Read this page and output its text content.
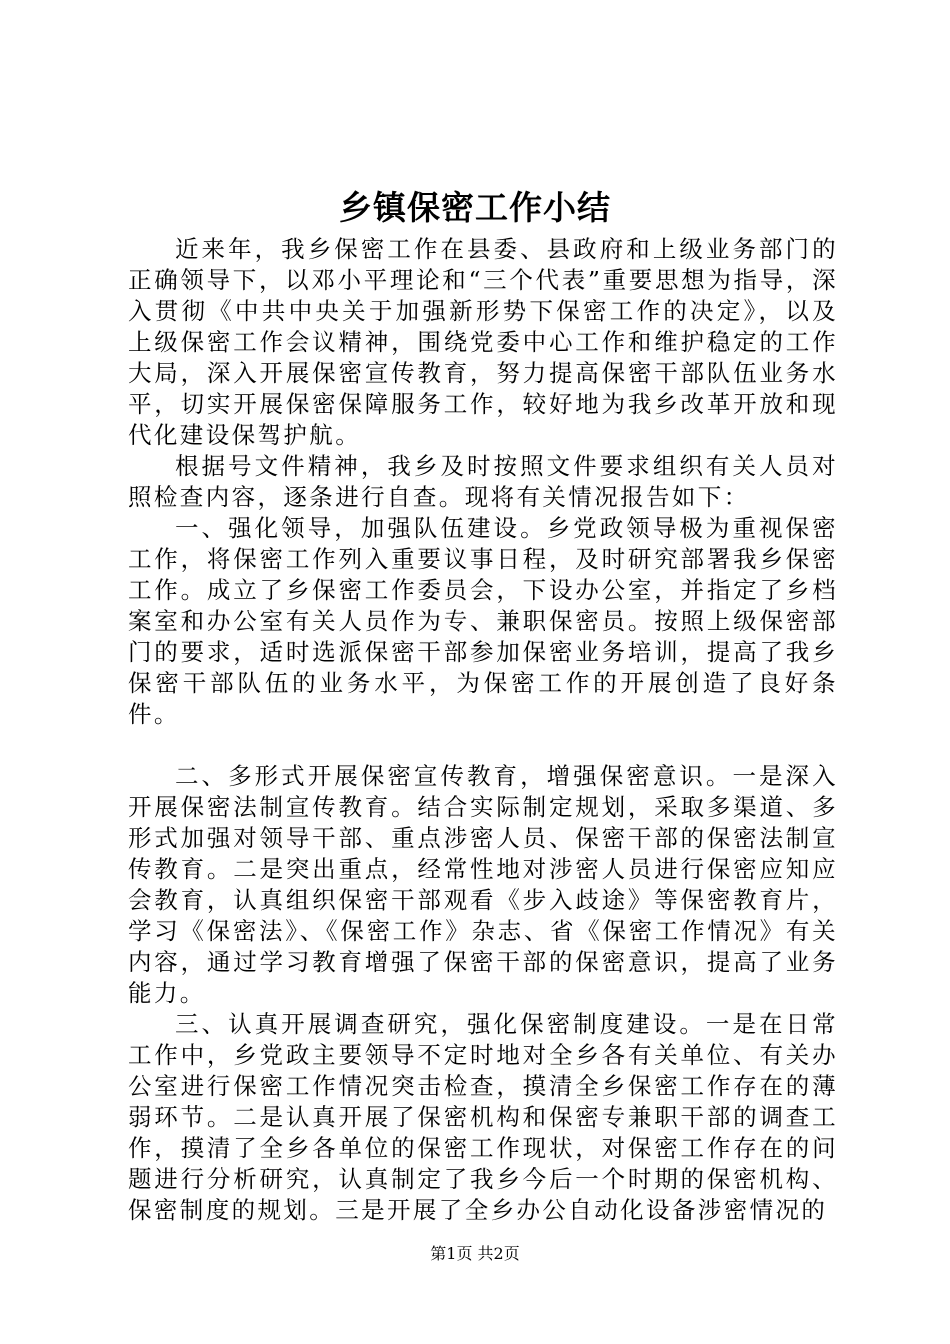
乡镇保密工作小结

近来年，我乡保密工作在县委、县政府和上级业务部门的正确领导下，以邓小平理论和“三个代表”重要思想为指导，深入贯彻《中共中央关于加强新形势下保密工作的决定》，以及上级保密工作会议精神，围绕党委中心工作和维护稳定的工作大局，深入开展保密宣传教育，努力提高保密干部队伍业务水平，切实开展保密保障服务工作，较好地为我乡改革开放和现代化建设保驾护航。

根据号文件精神，我乡及时按照文件要求组织有关人员对照检查内容，逐条进行自查。现将有关情况报告如下：

一、强化领导，加强队伍建设。乡党政领导极为重视保密工作，将保密工作列入重要议事日程，及时研究部署我乡保密工作。成立了乡保密工作委员会，下设办公室，并指定了乡档案室和办公室有关人员作为专、兼职保密员。按照上级保密部门的要求，适时选派保密干部参加保密业务培训，提高了我乡保密干部队伍的业务水平，为保密工作的开展创造了良好条件。

二、多形式开展保密宣传教育，增强保密意识。一是深入开展保密法制宣传教育。结合实际制定规划，采取多渠道、多形式加强对领导干部、重点涉密人员、保密干部的保密法制宣传教育。二是突出重点，经常性地对涉密人员进行保密应知应会教育，认真组织保密干部观看《步入歧途》等保密教育片，学习《保密法》、《保密工作》杂志、省《保密工作情况》有关内容，通过学习教育增强了保密干部的保密意识，提高了业务能力。

三、认真开展调查研究，强化保密制度建设。一是在日常工作中，乡党政主要领导不定时地对全乡各有关单位、有关办公室进行保密工作情况突击检查，摸清全乡保密工作存在的薄弱环节。二是认真开展了保密机构和保密专兼职干部的调查工作，摸清了全乡各单位的保密工作现状，对保密工作存在的问题进行分析研究，认真制定了我乡今后一个时期的保密机构、保密制度的规划。三是开展了全乡办公自动化设备涉密情况的

第1页 共2页
